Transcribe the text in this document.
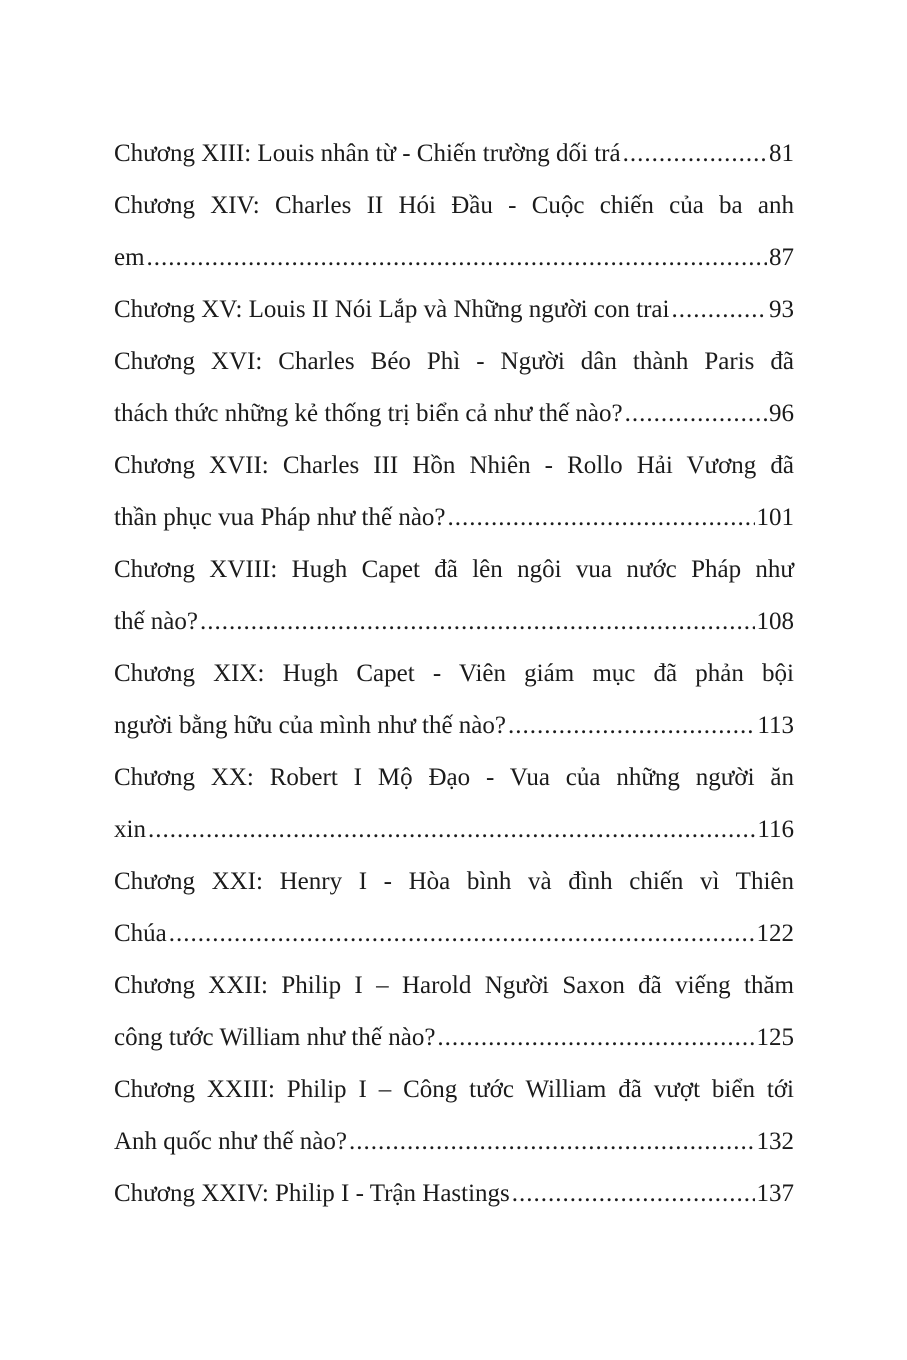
Chương XIII: Louis nhân từ - Chiến trường dối trá .....	81
Chương XIV: Charles II Hói Đầu - Cuộc chiến của ba anh
em .....	87
Chương XV: Louis II Nói Lắp và Những người con trai .....	93
Chương XVI: Charles Béo Phì - Người dân thành Paris đã
thách thức những kẻ thống trị biển cả như thế nào? .....	96
Chương XVII: Charles III Hồn Nhiên - Rollo Hải Vương đã
thần phục vua Pháp như thế nào? .....	101
Chương XVIII: Hugh Capet đã lên ngôi vua nước Pháp như
thế nào? .....	108
Chương XIX: Hugh Capet - Viên giám mục đã phản bội
người bằng hữu của mình như thế nào? .....	113
Chương XX: Robert I Mộ Đạo - Vua của những người ăn
xin .....	116
Chương XXI: Henry I - Hòa bình và đình chiến vì Thiên
Chúa .....	122
Chương XXII: Philip I – Harold Người Saxon đã viếng thăm
công tước William như thế nào? .....	125
Chương XXIII: Philip I – Công tước William đã vượt biển tới
Anh quốc như thế nào? .....	132
Chương XXIV: Philip I - Trận Hastings .....	137
